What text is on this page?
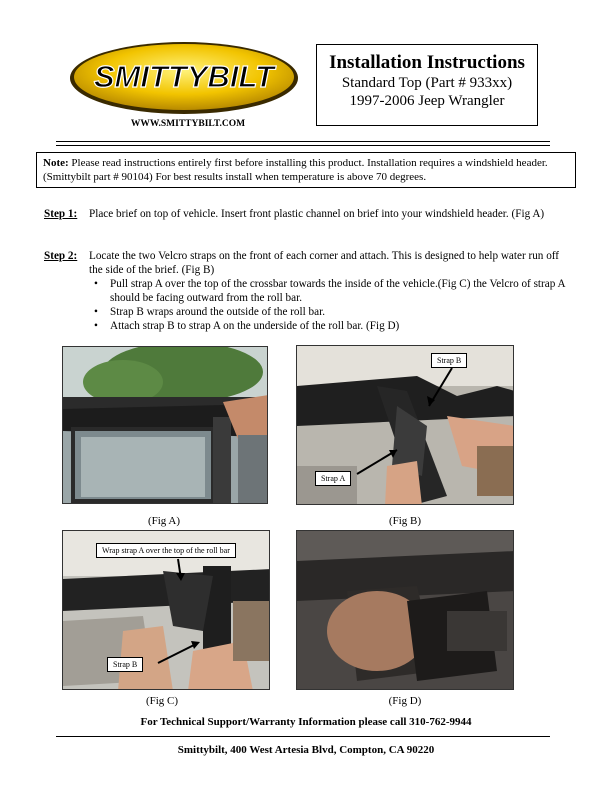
SMITTYBILT
WWW.SMITTYBILT.COM
Installation Instructions
Standard Top (Part # 933xx)
1997-2006 Jeep Wrangler
Note: Please read instructions entirely first before installing this product. Installation requires a windshield header. (Smittybilt part # 90104) For best results install when temperature is above 70 degrees.
Step 1: Place brief on top of vehicle. Insert front plastic channel on brief into your windshield header. (Fig A)
Step 2: Locate the two Velcro straps on the front of each corner and attach. This is designed to help water run off the side of the brief. (Fig B)
• Pull strap A over the top of the crossbar towards the inside of the vehicle.(Fig C) the Velcro of strap A should be facing outward from the roll bar.
• Strap B wraps around the outside of the roll bar.
• Attach strap B to strap A on the underside of the roll bar. (Fig D)
(Fig A)
Strap B
Strap A
(Fig B)
Wrap strap A over the top of the roll bar
Strap B
(Fig C)	(Fig D)
For Technical Support/Warranty Information please call 310-762-9944
Smittybilt, 400 West Artesia Blvd, Compton, CA 90220
